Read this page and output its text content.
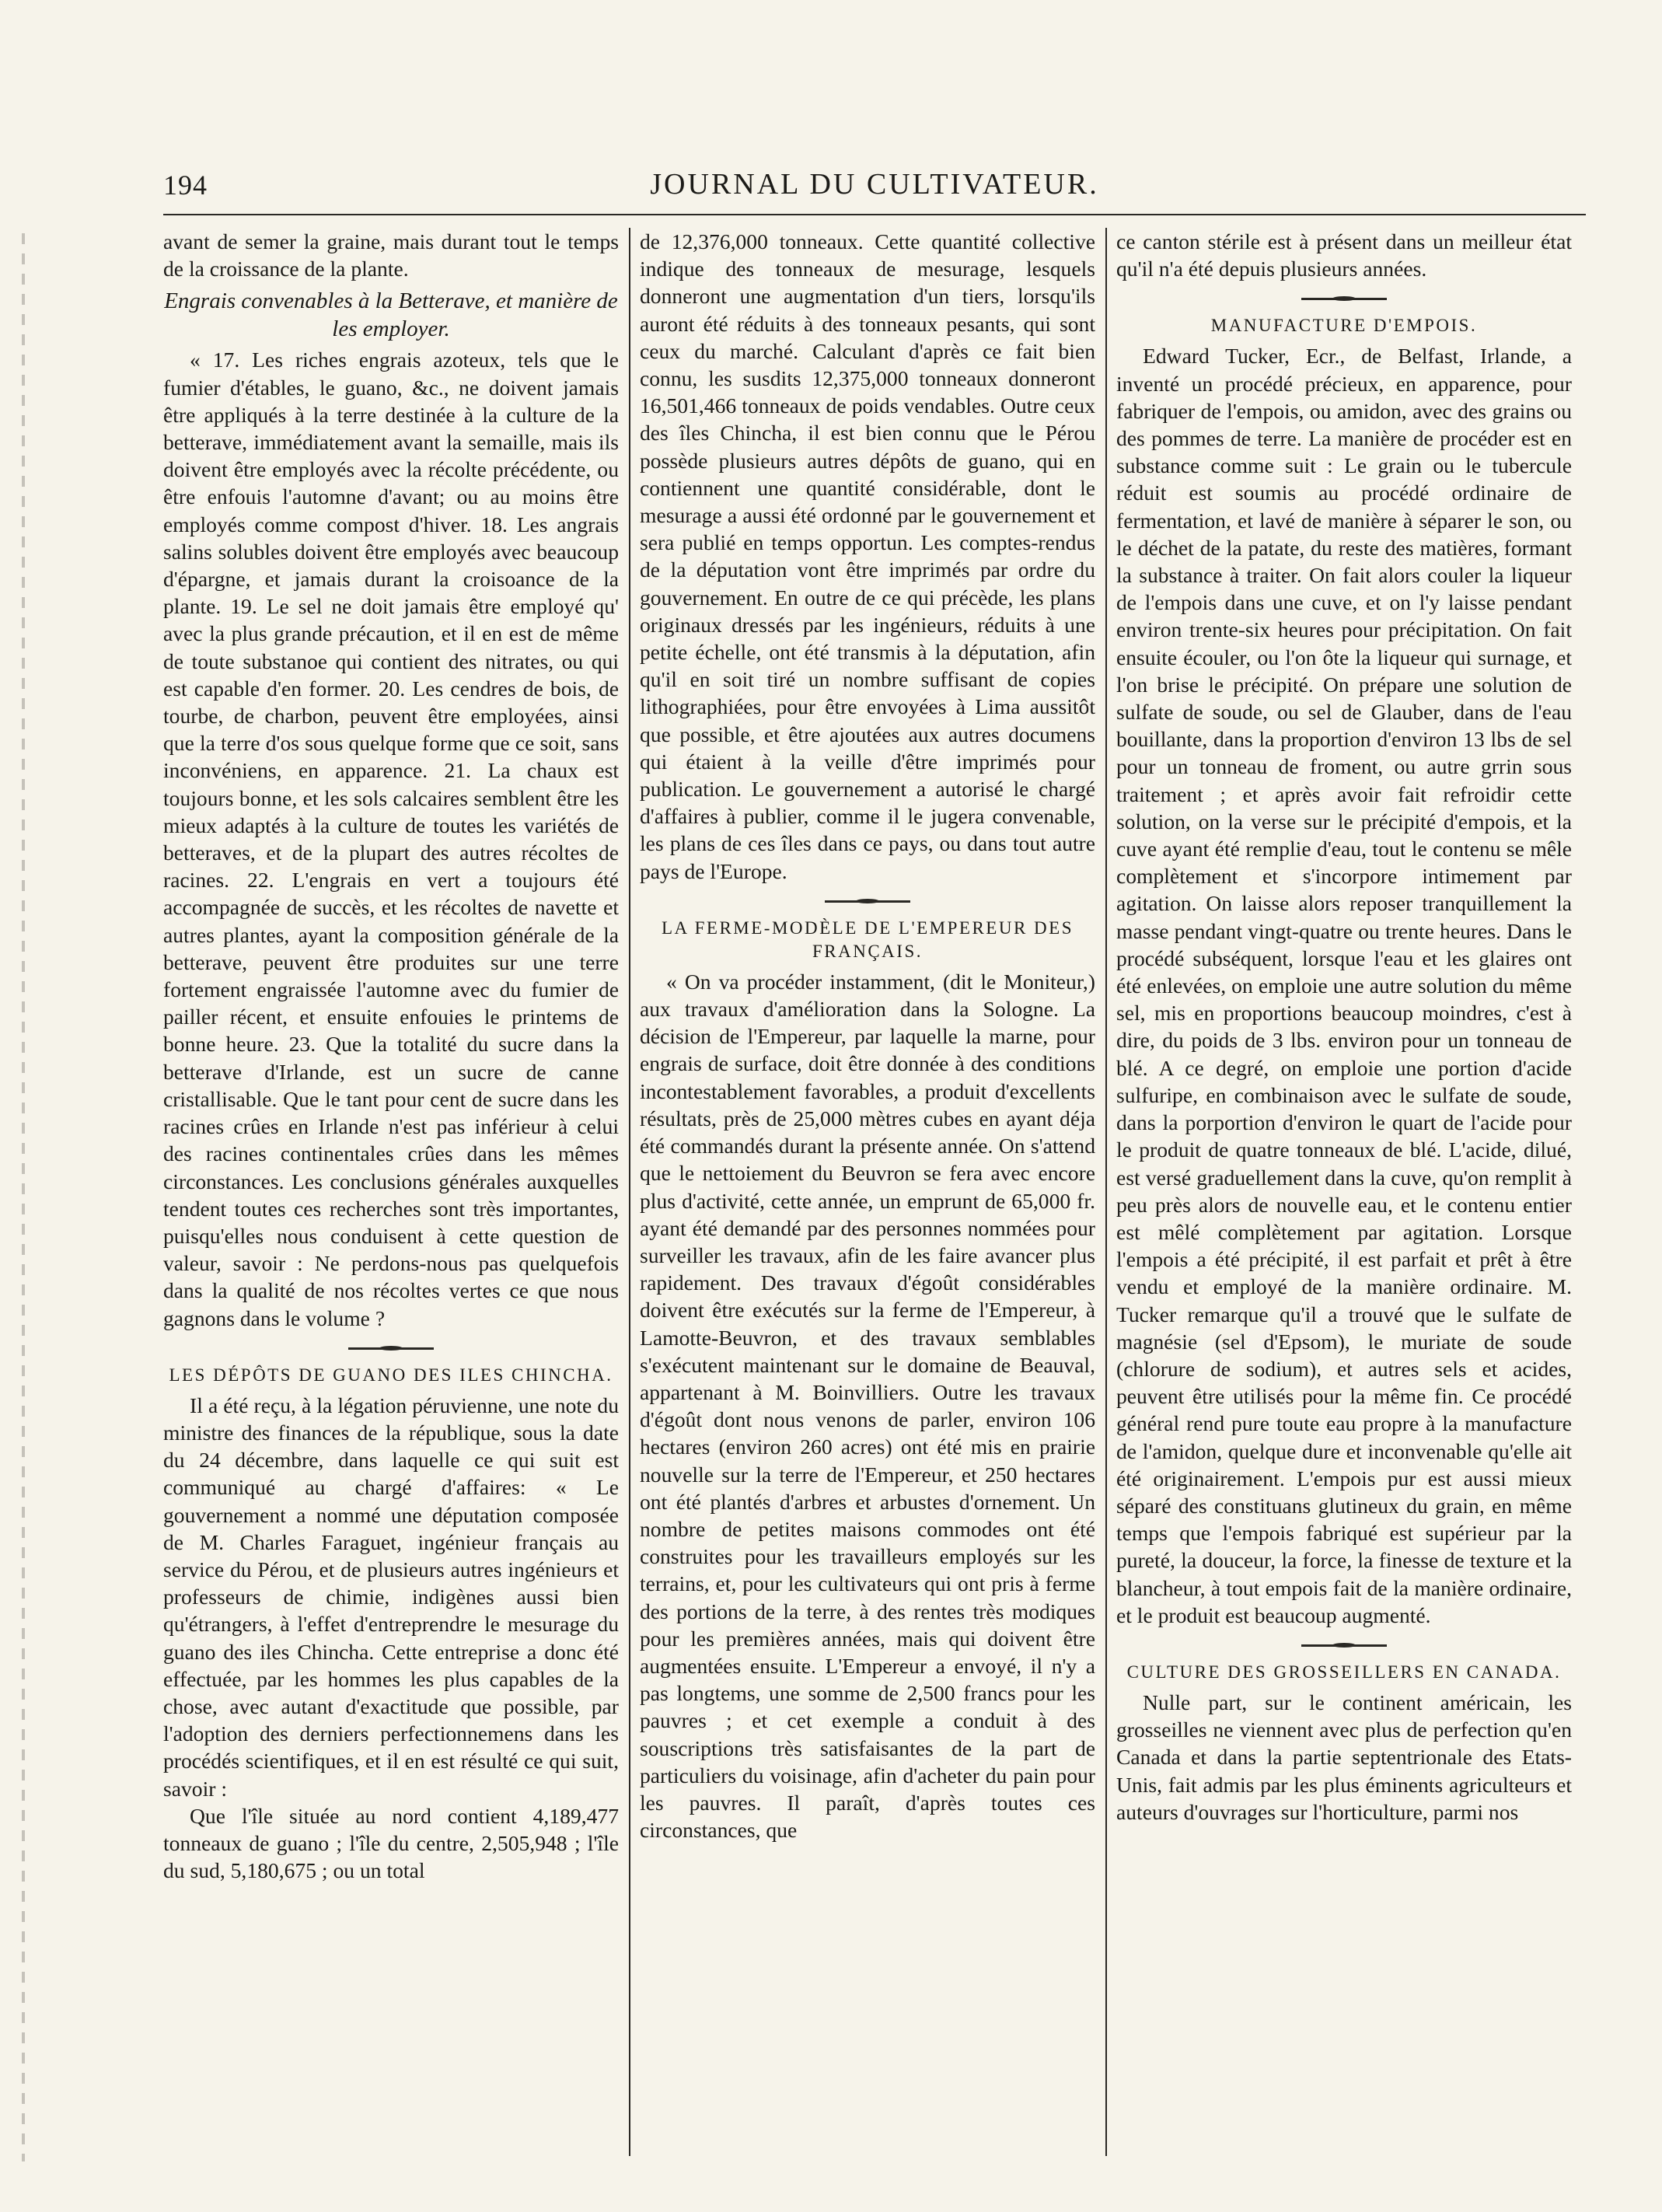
194	JOURNAL DU CULTIVATEUR.

avant de semer la graine, mais durant tout le temps de la croissance de la plante.

Engrais convenables à la Betterave, et manière de les employer.

« 17. Les riches engrais azoteux, tels que le fumier d'étables, le guano, &c., ne doivent jamais être appliqués à la terre destinée à la culture de la betterave, immédiatement avant la semaille, mais ils doivent être employés avec la récolte précédente, ou être enfouis l'automne d'avant; ou au moins être employés comme compost d'hiver. 18. Les angrais salins solubles doivent être employés avec beaucoup d'épargne, et jamais durant la croisoance de la plante. 19. Le sel ne doit jamais être employé qu' avec la plus grande précaution, et il en est de même de toute substanoe qui contient des nitrates, ou qui est capable d'en former. 20. Les cendres de bois, de tourbe, de charbon, peuvent être employées, ainsi que la terre d'os sous quelque forme que ce soit, sans inconvéniens, en apparence. 21. La chaux est toujours bonne, et les sols calcaires semblent être les mieux adaptés à la culture de toutes les variétés de betteraves, et de la plupart des autres récoltes de racines. 22. L'engrais en vert a toujours été accompagnée de succès, et les récoltes de navette et autres plantes, ayant la composition générale de la betterave, peuvent être produites sur une terre fortement engraissée l'automne avec du fumier de pailler récent, et ensuite enfouies le printems de bonne heure. 23. Que la totalité du sucre dans la betterave d'Irlande, est un sucre de canne cristallisable. Que le tant pour cent de sucre dans les racines crûes en Irlande n'est pas inférieur à celui des racines continentales crûes dans les mêmes circonstances. Les conclusions générales auxquelles tendent toutes ces recherches sont très importantes, puisqu'elles nous conduisent à cette question de valeur, savoir : Ne perdons-nous pas quelquefois dans la qualité de nos récoltes vertes ce que nous gagnons dans le volume ?

LES DÉPÔTS DE GUANO DES ILES CHINCHA.

Il a été reçu, à la légation péruvienne, une note du ministre des finances de la république, sous la date du 24 décembre, dans laquelle ce qui suit est communiqué au chargé d'affaires: « Le gouvernement a nommé une députation composée de M. Charles Faraguet, ingénieur français au service du Pérou, et de plusieurs autres ingénieurs et professeurs de chimie, indigènes aussi bien qu'étrangers, à l'effet d'entreprendre le mesurage du guano des iles Chincha. Cette entreprise a donc été effectuée, par les hommes les plus capables de la chose, avec autant d'exactitude que possible, par l'adoption des derniers perfectionnemens dans les procédés scientifiques, et il en est résulté ce qui suit, savoir :

Que l'île située au nord contient 4,189,477 tonneaux de guano ; l'île du centre, 2,505,948 ; l'île du sud, 5,180,675 ; ou un total

de 12,376,000 tonneaux. Cette quantité collective indique des tonneaux de mesurage, lesquels donneront une augmentation d'un tiers, lorsqu'ils auront été réduits à des tonneaux pesants, qui sont ceux du marché. Calculant d'après ce fait bien connu, les susdits 12,375,000 tonneaux donneront 16,501,466 tonneaux de poids vendables. Outre ceux des îles Chincha, il est bien connu que le Pérou possède plusieurs autres dépôts de guano, qui en contiennent une quantité considérable, dont le mesurage a aussi été ordonné par le gouvernement et sera publié en temps opportun. Les comptes-rendus de la députation vont être imprimés par ordre du gouvernement. En outre de ce qui précède, les plans originaux dressés par les ingénieurs, réduits à une petite échelle, ont été transmis à la députation, afin qu'il en soit tiré un nombre suffisant de copies lithographiées, pour être envoyées à Lima aussitôt que possible, et être ajoutées aux autres documens qui étaient à la veille d'être imprimés pour publication. Le gouvernement a autorisé le chargé d'affaires à publier, comme il le jugera convenable, les plans de ces îles dans ce pays, ou dans tout autre pays de l'Europe.

LA FERME-MODÈLE DE L'EMPEREUR DES FRANÇAIS.

« On va procéder instamment, (dit le Moniteur,) aux travaux d'amélioration dans la Sologne. La décision de l'Empereur, par laquelle la marne, pour engrais de surface, doit être donnée à des conditions incontestablement favorables, a produit d'excellents résultats, près de 25,000 mètres cubes en ayant déja été commandés durant la présente année. On s'attend que le nettoiement du Beuvron se fera avec encore plus d'activité, cette année, un emprunt de 65,000 fr. ayant été demandé par des personnes nommées pour surveiller les travaux, afin de les faire avancer plus rapidement. Des travaux d'égoût considérables doivent être exécutés sur la ferme de l'Empereur, à Lamotte-Beuvron, et des travaux semblables s'exécutent maintenant sur le domaine de Beauval, appartenant à M. Boinvilliers. Outre les travaux d'égoût dont nous venons de parler, environ 106 hectares (environ 260 acres) ont été mis en prairie nouvelle sur la terre de l'Empereur, et 250 hectares ont été plantés d'arbres et arbustes d'ornement. Un nombre de petites maisons commodes ont été construites pour les travailleurs employés sur les terrains, et, pour les cultivateurs qui ont pris à ferme des portions de la terre, à des rentes très modiques pour les premières années, mais qui doivent être augmentées ensuite. L'Empereur a envoyé, il n'y a pas longtems, une somme de 2,500 francs pour les pauvres ; et cet exemple a conduit à des souscriptions très satisfaisantes de la part de particuliers du voisinage, afin d'acheter du pain pour les pauvres. Il paraît, d'après toutes ces circonstances, que

ce canton stérile est à présent dans un meilleur état qu'il n'a été depuis plusieurs années.

MANUFACTURE D'EMPOIS.

Edward Tucker, Ecr., de Belfast, Irlande, a inventé un procédé précieux, en apparence, pour fabriquer de l'empois, ou amidon, avec des grains ou des pommes de terre. La manière de procéder est en substance comme suit : Le grain ou le tubercule réduit est soumis au procédé ordinaire de fermentation, et lavé de manière à séparer le son, ou le déchet de la patate, du reste des matières, formant la substance à traiter. On fait alors couler la liqueur de l'empois dans une cuve, et on l'y laisse pendant environ trente-six heures pour précipitation. On fait ensuite écouler, ou l'on ôte la liqueur qui surnage, et l'on brise le précipité. On prépare une solution de sulfate de soude, ou sel de Glauber, dans de l'eau bouillante, dans la proportion d'environ 13 lbs de sel pour un tonneau de froment, ou autre grrin sous traitement ; et après avoir fait refroidir cette solution, on la verse sur le précipité d'empois, et la cuve ayant été remplie d'eau, tout le contenu se mêle complètement et s'incorpore intimement par agitation. On laisse alors reposer tranquillement la masse pendant vingt-quatre ou trente heures. Dans le procédé subséquent, lorsque l'eau et les glaires ont été enlevées, on emploie une autre solution du même sel, mis en proportions beaucoup moindres, c'est à dire, du poids de 3 lbs. environ pour un tonneau de blé. A ce degré, on emploie une portion d'acide sulfuripe, en combinaison avec le sulfate de soude, dans la porportion d'environ le quart de l'acide pour le produit de quatre tonneaux de blé. L'acide, dilué, est versé graduellement dans la cuve, qu'on remplit à peu près alors de nouvelle eau, et le contenu entier est mêlé complètement par agitation. Lorsque l'empois a été précipité, il est parfait et prêt à être vendu et employé de la manière ordinaire. M. Tucker remarque qu'il a trouvé que le sulfate de magnésie (sel d'Epsom), le muriate de soude (chlorure de sodium), et autres sels et acides, peuvent être utilisés pour la même fin. Ce procédé général rend pure toute eau propre à la manufacture de l'amidon, quelque dure et inconvenable qu'elle ait été originairement. L'empois pur est aussi mieux séparé des constituans glutineux du grain, en même temps que l'empois fabriqué est supérieur par la pureté, la douceur, la force, la finesse de texture et la blancheur, à tout empois fait de la manière ordinaire, et le produit est beaucoup augmenté.

CULTURE DES GROSSEILLERS EN CANADA.

Nulle part, sur le continent américain, les grosseilles ne viennent avec plus de perfection qu'en Canada et dans la partie septentrionale des Etats-Unis, fait admis par les plus éminents agriculteurs et auteurs d'ouvrages sur l'horticulture, parmi nos
